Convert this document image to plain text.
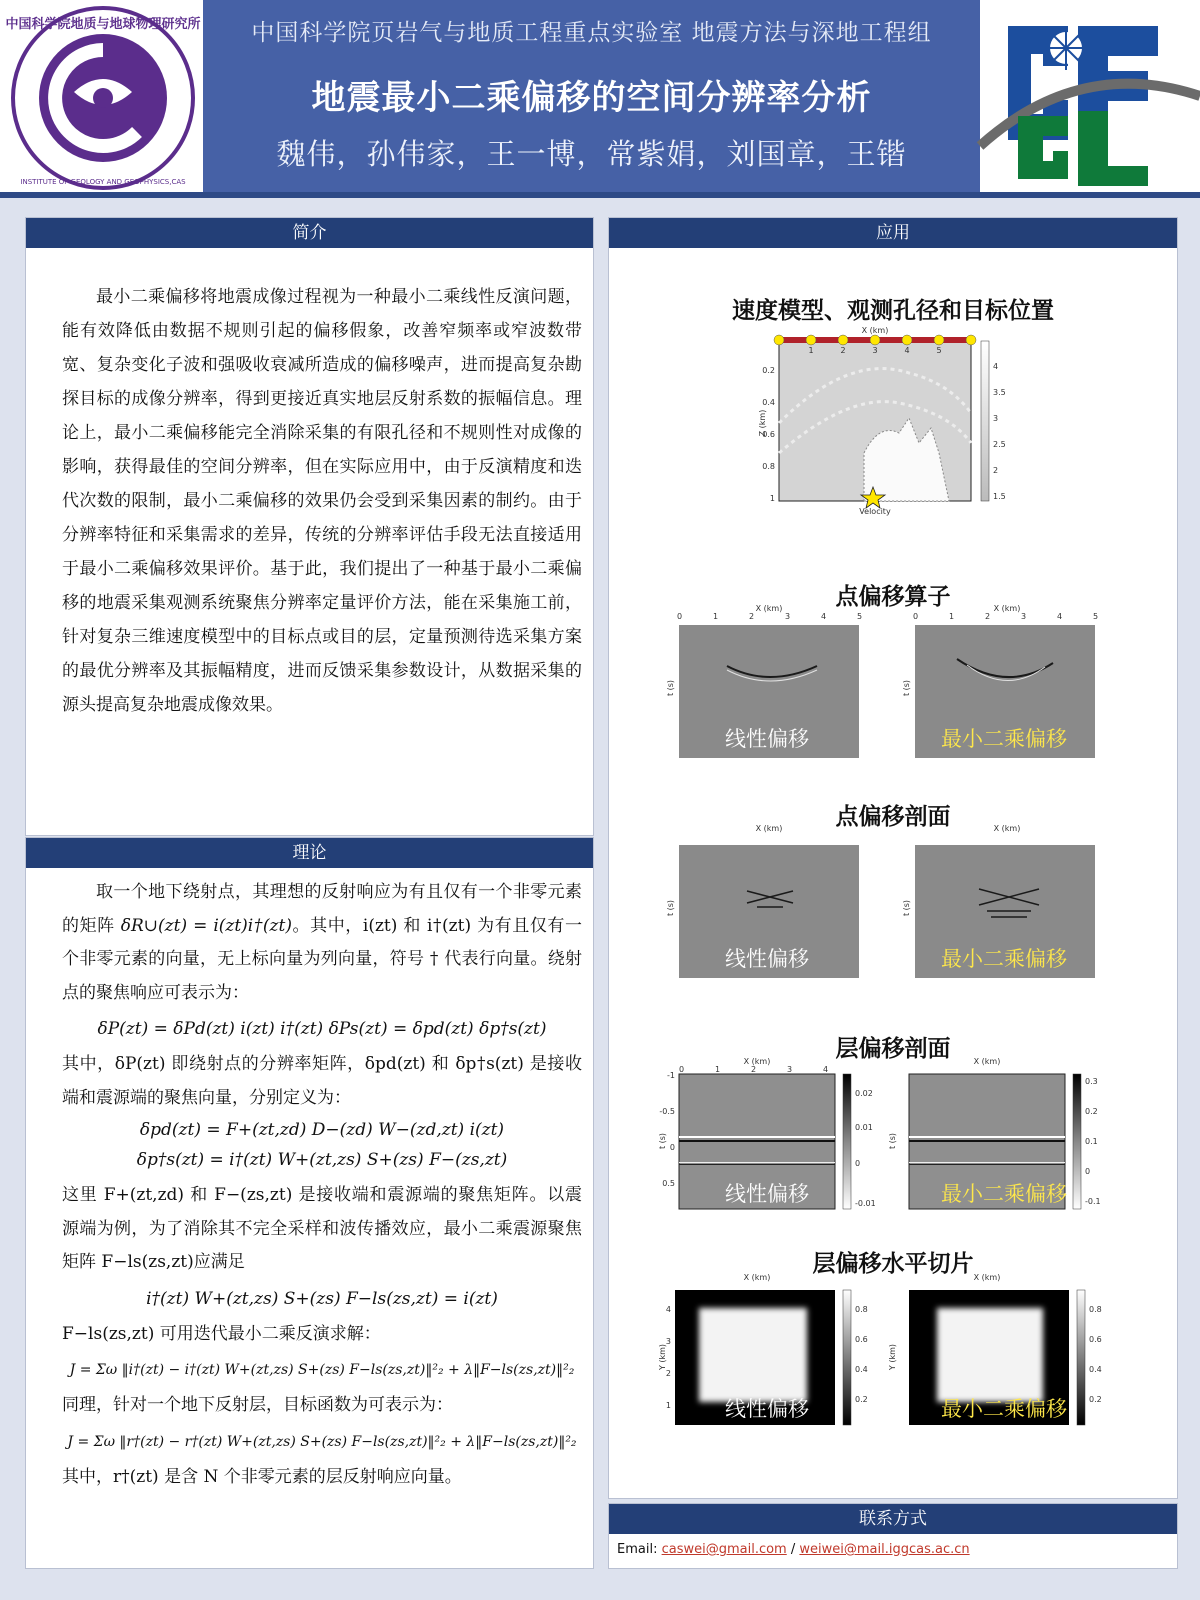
中国科学院地质与地球物理研究所
INSTITUTE OF GEOLOGY AND GEOPHYSICS,CAS
中国科学院页岩气与地质工程重点实验室 地震方法与深地工程组
地震最小二乘偏移的空间分辨率分析
魏伟，孙伟家，王一博，常紫娟，刘国章，王锴
简介
最小二乘偏移将地震成像过程视为一种最小二乘线性反演问题，能有效降低由数据不规则引起的偏移假象，改善窄频率或窄波数带宽、复杂变化子波和强吸收衰减所造成的偏移噪声，进而提高复杂勘探目标的成像分辨率，得到更接近真实地层反射系数的振幅信息。理论上，最小二乘偏移能完全消除采集的有限孔径和不规则性对成像的影响，获得最佳的空间分辨率，但在实际应用中，由于反演精度和迭代次数的限制，最小二乘偏移的效果仍会受到采集因素的制约。由于分辨率特征和采集需求的差异，传统的分辨率评估手段无法直接适用于最小二乘偏移效果评价。基于此，我们提出了一种基于最小二乘偏移的地震采集观测系统聚焦分辨率定量评价方法，能在采集施工前，针对复杂三维速度模型中的目标点或目的层，定量预测待选采集方案的最优分辨率及其振幅精度，进而反馈采集参数设计，从数据采集的源头提高复杂地震成像效果。
理论

取一个地下绕射点，其理想的反射响应为有且仅有一个非零元素的矩阵 δR∪(zt) = i(zt)i†(zt)。其中，i(zt) 和 i†(zt) 为有且仅有一个非零元素的向量，无上标向量为列向量，符号 † 代表行向量。绕射点的聚焦响应可表示为：

δP(zt) = δPd(zt) i(zt) i†(zt) δPs(zt) = δpd(zt) δp†s(zt)

其中，δP(zt) 即绕射点的分辨率矩阵，δpd(zt) 和 δp†s(zt) 是接收端和震源端的聚焦向量，分别定义为：

δpd(zt) = F+(zt,zd) D−(zd) W−(zd,zt) i(zt)
δp†s(zt) = i†(zt) W+(zt,zs) S+(zs) F−(zs,zt)

这里 F+(zt,zd) 和 F−(zs,zt) 是接收端和震源端的聚焦矩阵。以震源端为例，为了消除其不完全采样和波传播效应，最小二乘震源聚焦矩阵 F−ls(zs,zt)应满足

i†(zt) W+(zt,zs) S+(zs) F−ls(zs,zt) = i(zt)

F−ls(zs,zt) 可用迭代最小二乘反演求解：

J = Σω ‖i†(zt) − i†(zt) W+(zt,zs) S+(zs) F−ls(zs,zt)‖²₂ + λ‖F−ls(zs,zt)‖²₂

同理，针对一个地下反射层，目标函数为可表示为：

J = Σω ‖r†(zt) − r†(zt) W+(zt,zs) S+(zs) F−ls(zs,zt)‖²₂ + λ‖F−ls(zs,zt)‖²₂

其中，r†(zt) 是含 N 个非零元素的层反射响应向量。

应用
速度模型、观测孔径和目标位置
X (km)
Z (km)
Velocity
1	2	3	4	5
0.2
0.4
0.6
0.8
1
4
3.5
3
2.5
2
1.5
点偏移算子
X (km)	X (km)
0	1	2	3	4	5	0	1	2	3	4	5
t (s)	t (s)
线性偏移	最小二乘偏移
点偏移剖面
X (km)	X (km)
t (s)	t (s)
线性偏移	最小二乘偏移
层偏移剖面
X (km)	X (km)
t (s)	t (s)
0.02
0.01
0
-0.01
0.3
0.2
0.1
0
-0.1
-1
-0.5
0
0.5
0	1	2	3	4
线性偏移	最小二乘偏移
层偏移水平切片
X (km)	X (km)
Y (km)	Y (km)
0.8
0.6
0.4
0.2
0.8
0.6
0.4
0.2
4
3
2
1	线性偏移	最小二乘偏移
联系方式
Email: caswei@gmail.com / weiwei@mail.iggcas.ac.cn
